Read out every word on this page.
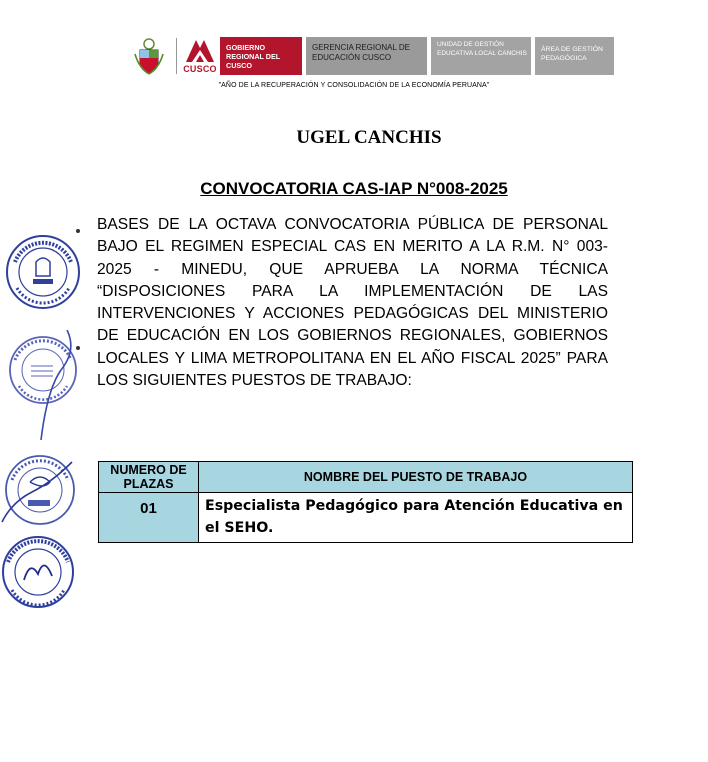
CUSCO
GOBIERNO REGIONAL DEL CUSCO
GERENCIA REGIONAL DE EDUCACIÓN CUSCO
UNIDAD DE GESTIÓN EDUCATIVA LOCAL CANCHIS	ÁREA DE GESTIÓN PEDAGÓGICA
"AÑO DE LA RECUPERACIÓN Y CONSOLIDACIÓN DE LA ECONOMÍA PERUANA"
UGEL CANCHIS
CONVOCATORIA CAS-IAP N°008-2025
BASES DE LA OCTAVA CONVOCATORIA PÚBLICA DE PERSONAL BAJO EL REGIMEN ESPECIAL CAS EN MERITO A LA R.M. N° 003-2025 - MINEDU, QUE APRUEBA LA NORMA TÉCNICA “DISPOSICIONES PARA LA IMPLEMENTACIÓN DE LAS INTERVENCIONES Y ACCIONES PEDAGÓGICAS DEL MINISTERIO DE EDUCACIÓN EN LOS GOBIERNOS REGIONALES, GOBIERNOS LOCALES Y LIMA METROPOLITANA EN EL AÑO FISCAL 2025” PARA LOS SIGUIENTES PUESTOS DE TRABAJO:
NUMERO DE PLAZAS	NOMBRE DEL PUESTO DE TRABAJO
01	Especialista Pedagógico para Atención Educativa en el SEHO.
